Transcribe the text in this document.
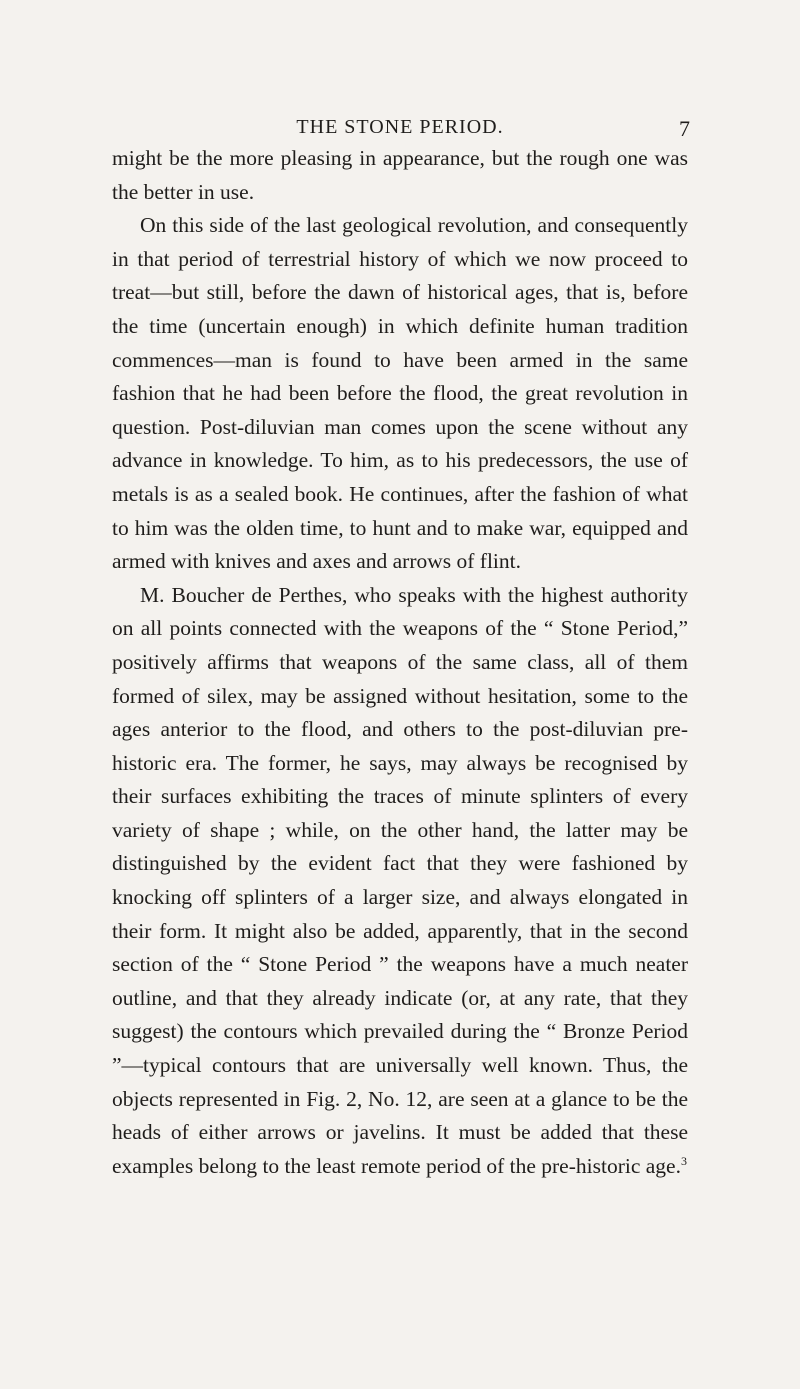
THE STONE PERIOD.	7

might be the more pleasing in appearance, but the rough one was the better in use.

On this side of the last geological revolution, and consequently in that period of terrestrial history of which we now proceed to treat—but still, before the dawn of historical ages, that is, before the time (uncertain enough) in which definite human tradition commences—man is found to have been armed in the same fashion that he had been before the flood, the great revolution in question. Post-diluvian man comes upon the scene without any advance in knowledge. To him, as to his predecessors, the use of metals is as a sealed book. He continues, after the fashion of what to him was the olden time, to hunt and to make war, equipped and armed with knives and axes and arrows of flint.

M. Boucher de Perthes, who speaks with the highest authority on all points connected with the weapons of the “ Stone Period,” positively affirms that weapons of the same class, all of them formed of silex, may be assigned without hesitation, some to the ages anterior to the flood, and others to the post-diluvian pre-historic era. The former, he says, may always be recognised by their surfaces exhibiting the traces of minute splinters of every variety of shape ; while, on the other hand, the latter may be distinguished by the evident fact that they were fashioned by knocking off splinters of a larger size, and always elongated in their form. It might also be added, apparently, that in the second section of the “ Stone Period ” the weapons have a much neater outline, and that they already indicate (or, at any rate, that they suggest) the contours which prevailed during the “ Bronze Period ”—typical contours that are universally well known. Thus, the objects represented in Fig. 2, No. 12, are seen at a glance to be the heads of either arrows or javelins. It must be added that these examples belong to the least remote period of the pre-historic age.$^3$
